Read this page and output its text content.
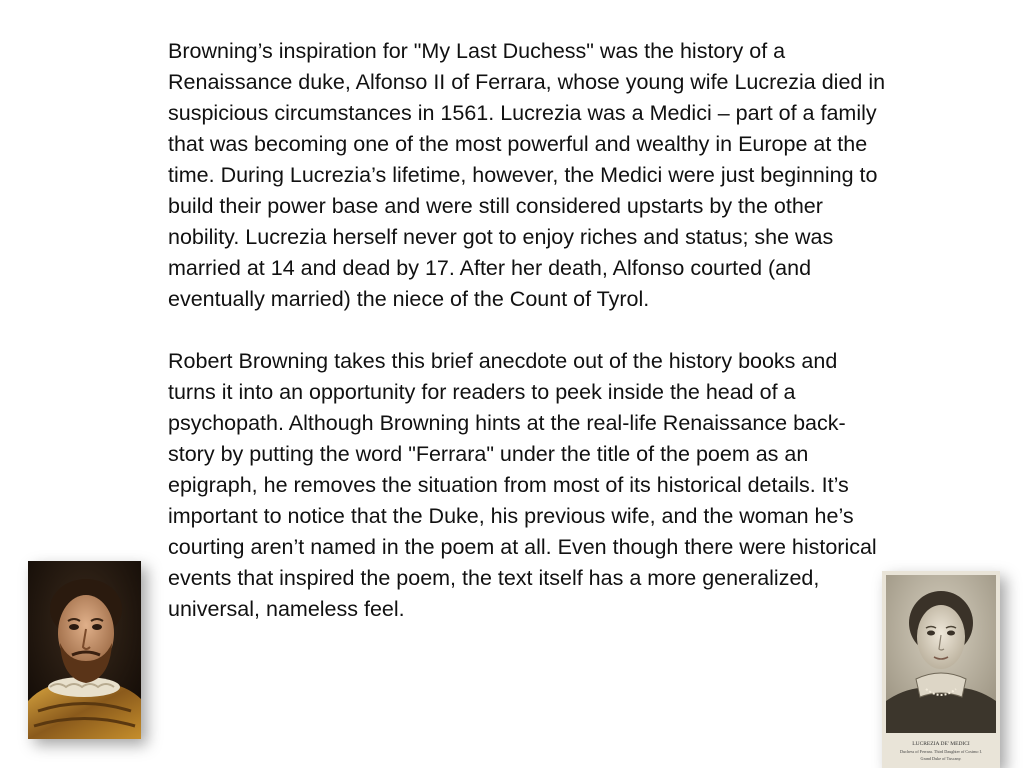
Browning’s inspiration for "My Last Duchess" was the history of a Renaissance duke, Alfonso II of Ferrara, whose young wife Lucrezia died in suspicious circumstances in 1561. Lucrezia was a Medici – part of a family that was becoming one of the most powerful and wealthy in Europe at the time. During Lucrezia’s lifetime, however, the Medici were just beginning to build their power base and were still considered upstarts by the other nobility. Lucrezia herself never got to enjoy riches and status; she was married at 14 and dead by 17. After her death, Alfonso courted (and eventually married) the niece of the Count of Tyrol.

Robert Browning takes this brief anecdote out of the history books and turns it into an opportunity for readers to peek inside the head of a psychopath. Although Browning hints at the real-life Renaissance back-story by putting the word "Ferrara" under the title of the poem as an epigraph, he removes the situation from most of its historical details. It’s important to notice that the Duke, his previous wife, and the woman he’s courting aren’t named in the poem at all. Even though there were historical events that inspired the poem, the text itself has a more generalized, universal, nameless feel.

LUCREZIA DE' MEDICI
Duchess of Ferrara. Third Daughter of Cosimo I.
Grand Duke of Tuscany.
